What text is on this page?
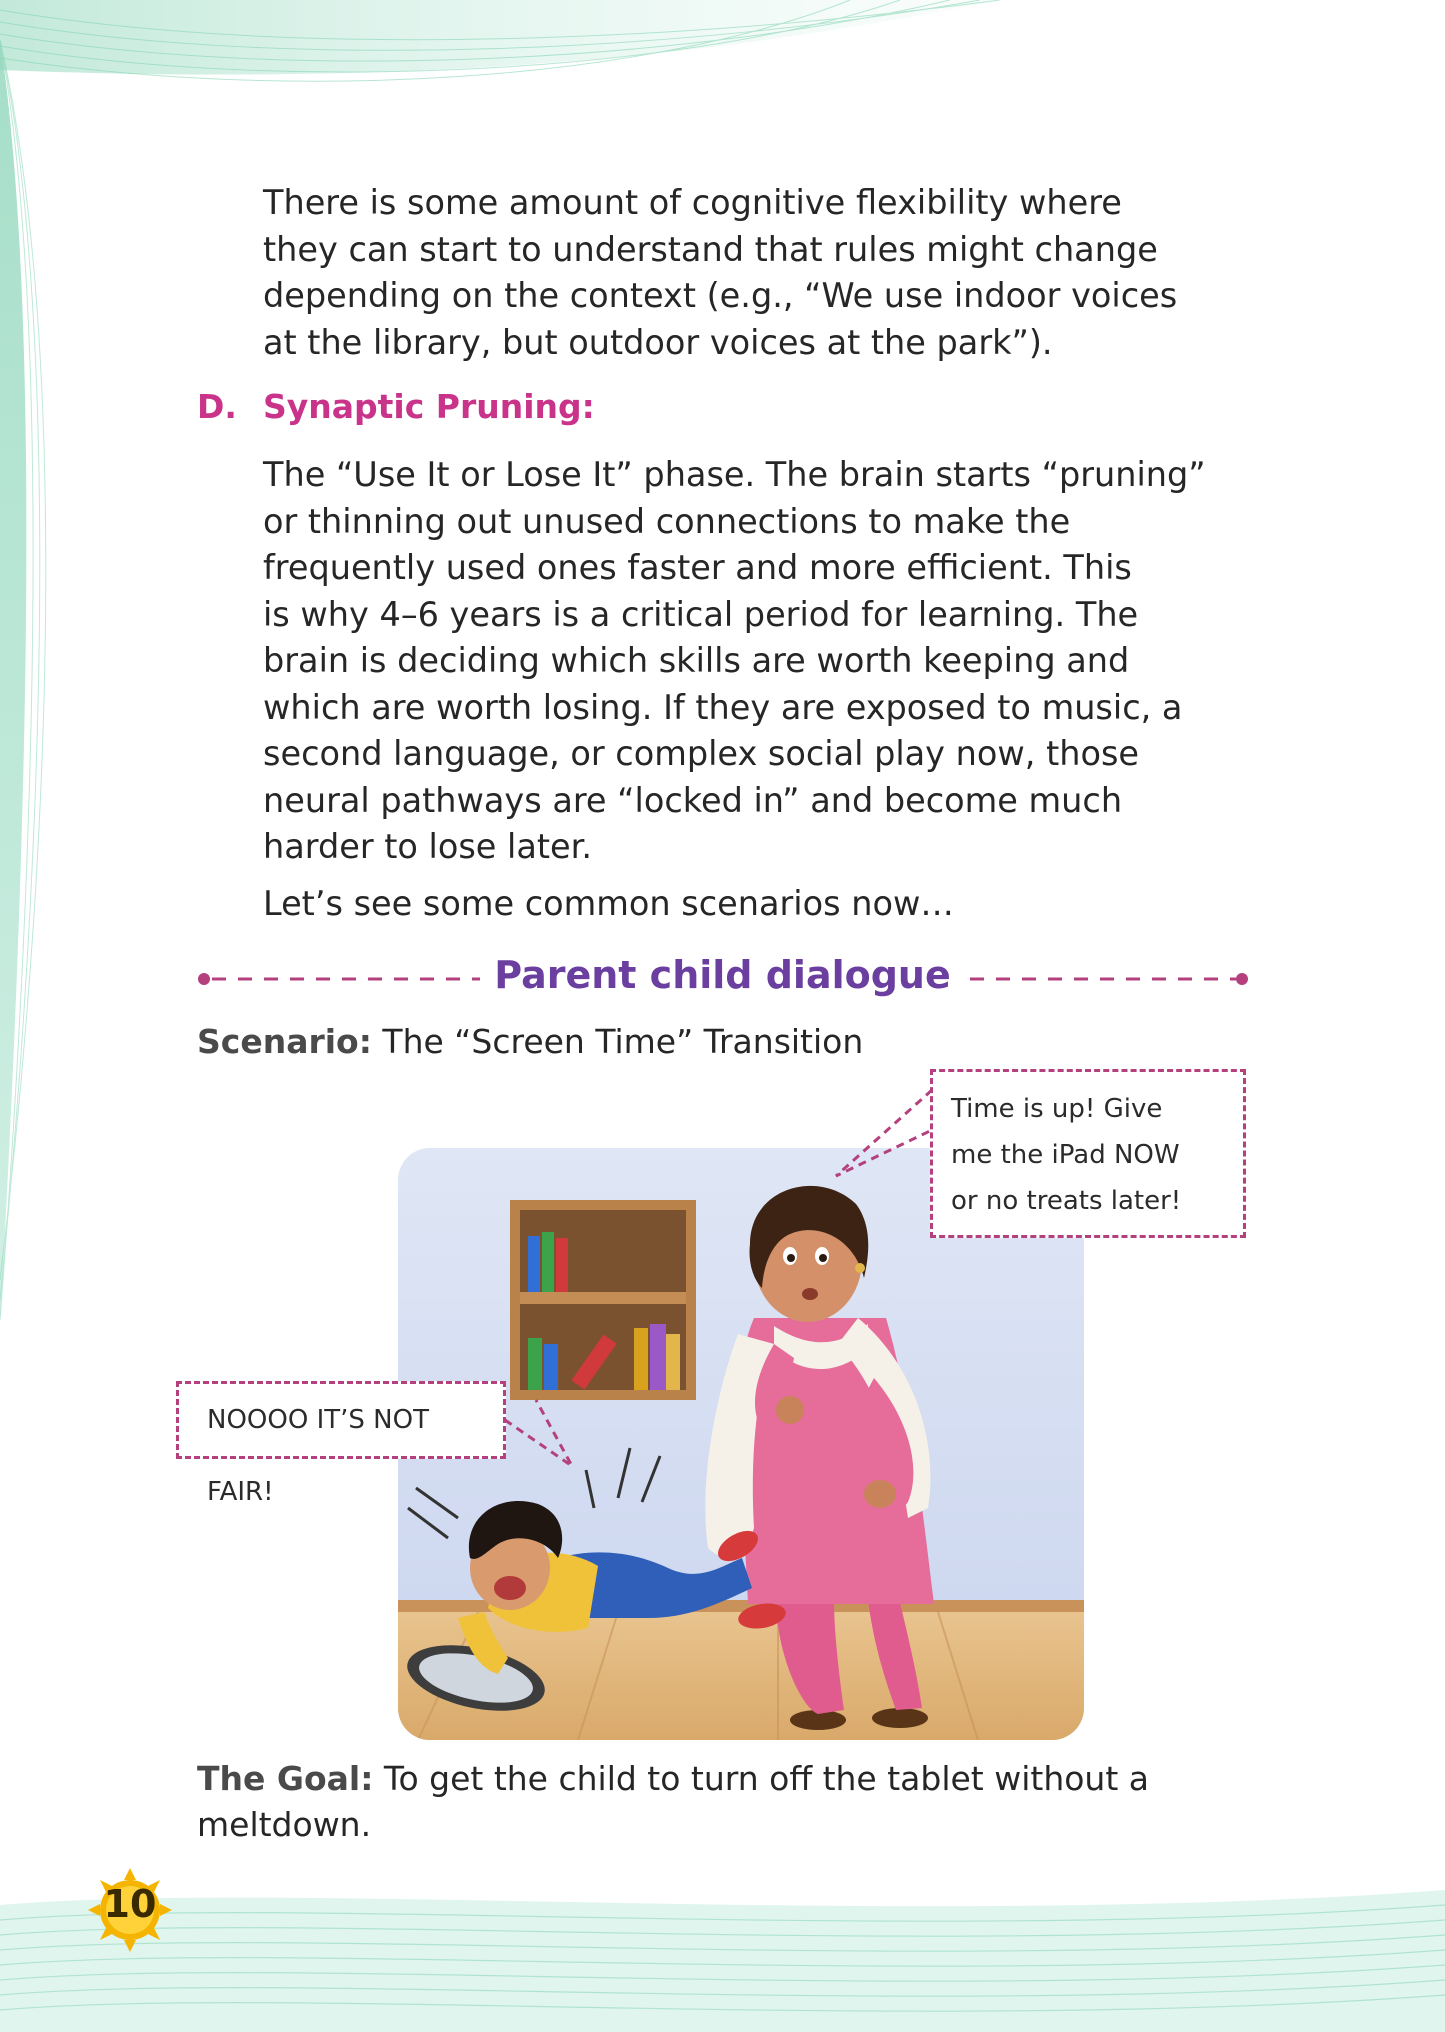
There is some amount of cognitive flexibility where
they can start to understand that rules might change
depending on the context (e.g., “We use indoor voices
at the library, but outdoor voices at the park”).

D. Synaptic Pruning:

The “Use It or Lose It” phase. The brain starts “pruning”
or thinning out unused connections to make the
frequently used ones faster and more efficient. This
is why 4–6 years is a critical period for learning. The
brain is deciding which skills are worth keeping and
which are worth losing. If they are exposed to music, a
second language, or complex social play now, those
neural pathways are “locked in” and become much
harder to lose later.

Let’s see some common scenarios now…

Parent child dialogue
Scenario: The “Screen Time” Transition
Time is up! Give
me the iPad NOW
or no treats later!
NOOOO IT’S NOT FAIR!
The Goal: To get the child to turn off the tablet without a meltdown.
10
